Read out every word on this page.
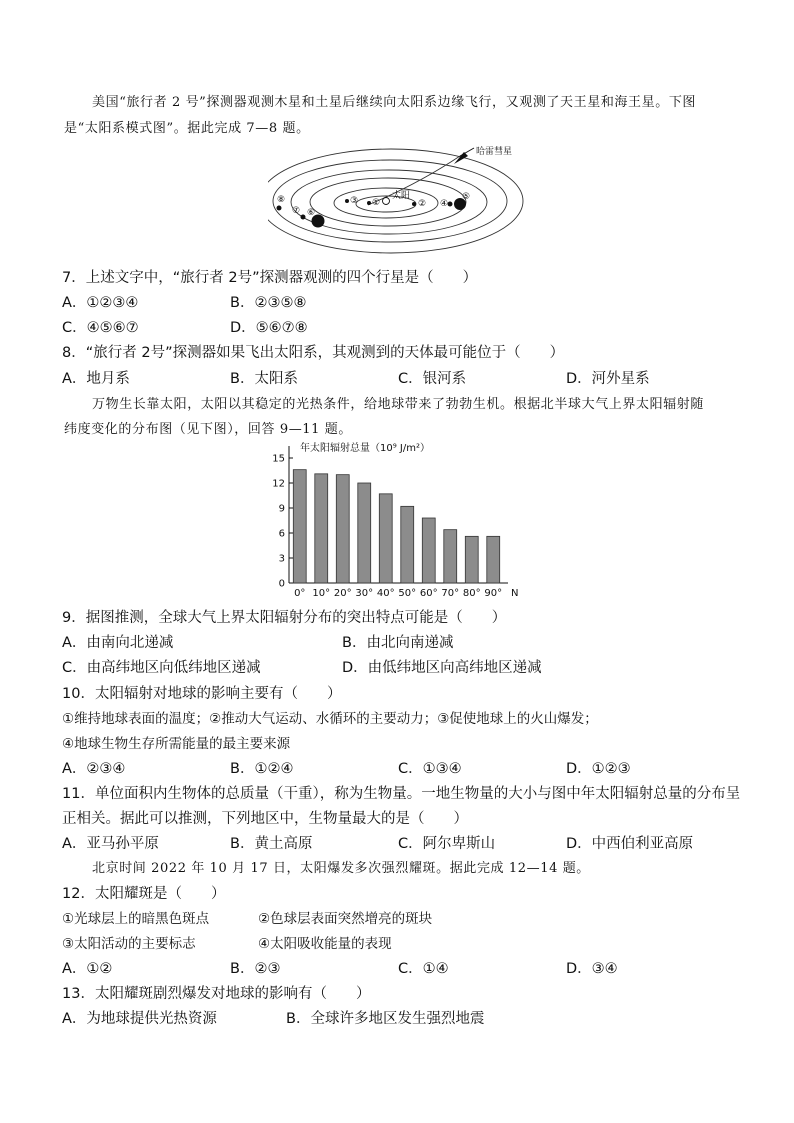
美国“旅行者 2 号”探测器观测木星和土星后继续向太阳系边缘飞行，又观测了天王星和海王星。下图
是“太阳系模式图”。据此完成 7—8 题。
哈雷彗星
太阳
①	②
③	④
⑤
⑥
⑦
⑧
7．上述文字中，“旅行者 2号”探测器观测的四个行星是（　　）
A．①②③④	B．②③⑤⑧
C．④⑤⑥⑦	D．⑤⑥⑦⑧
8．“旅行者 2号”探测器如果飞出太阳系，其观测到的天体最可能位于（　　）
A．地月系	B．太阳系	C．银河系	D．河外星系
万物生长靠太阳，太阳以其稳定的光热条件，给地球带来了勃勃生机。根据北半球大气上界太阳辐射随
纬度变化的分布图（见下图），回答 9—11 题。
年太阳辐射总量（10⁹ J/m²）
N
0
3
6
9
12
15
0° 10° 20° 30° 40° 50° 60° 70° 80° 90°
9．据图推测，全球大气上界太阳辐射分布的突出特点可能是（　　）
A．由南向北递减	B．由北向南递减
C．由高纬地区向低纬地区递减	D．由低纬地区向高纬地区递减
10．太阳辐射对地球的影响主要有（　　）
①维持地球表面的温度；②推动大气运动、水循环的主要动力；③促使地球上的火山爆发；
④地球生物生存所需能量的最主要来源
A．②③④	B．①②④	C．①③④	D．①②③
11．单位面积内生物体的总质量（干重），称为生物量。一地生物量的大小与图中年太阳辐射总量的分布呈
正相关。据此可以推测，下列地区中，生物量最大的是（　　）
A．亚马孙平原	B．黄土高原	C．阿尔卑斯山	D．中西伯利亚高原
北京时间 2022 年 10 月 17 日，太阳爆发多次强烈耀斑。据此完成 12—14 题。
12．太阳耀斑是（　　）
①光球层上的暗黑色斑点	②色球层表面突然增亮的斑块
③太阳活动的主要标志	④太阳吸收能量的表现
A．①②	B．②③	C．①④	D．③④
13．太阳耀斑剧烈爆发对地球的影响有（　　）
A．为地球提供光热资源	B．全球许多地区发生强烈地震
